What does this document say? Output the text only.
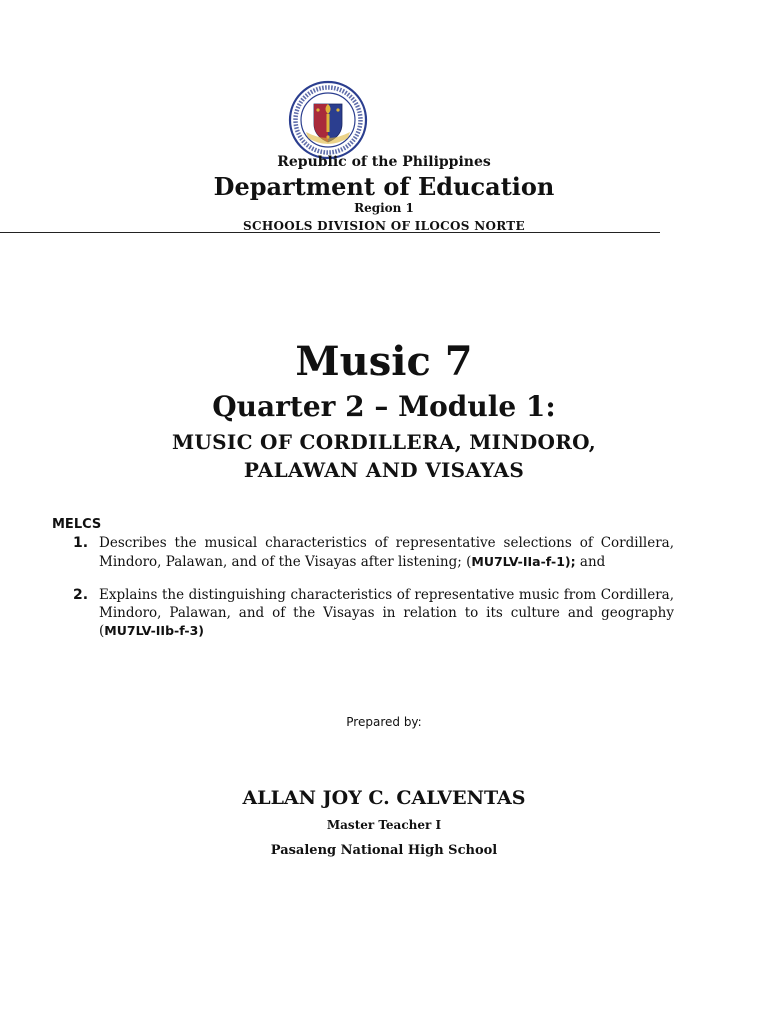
Republic of the Philippines
Department of Education
Region 1
SCHOOLS DIVISION OF ILOCOS NORTE
Music 7
Quarter 2 – Module 1:
MUSIC OF CORDILLERA, MINDORO,
PALAWAN AND VISAYAS
MELCS
1. Describes the musical characteristics of representative selections of Cordillera, Mindoro, Palawan, and of the Visayas after listening; (MU7LV-IIa-f-1); and
2. Explains the distinguishing characteristics of representative music from Cordillera, Mindoro, Palawan, and of the Visayas in relation to its culture and geography (MU7LV-IIb-f-3)
Prepared by:
ALLAN JOY C. CALVENTAS
Master Teacher I
Pasaleng National High School
